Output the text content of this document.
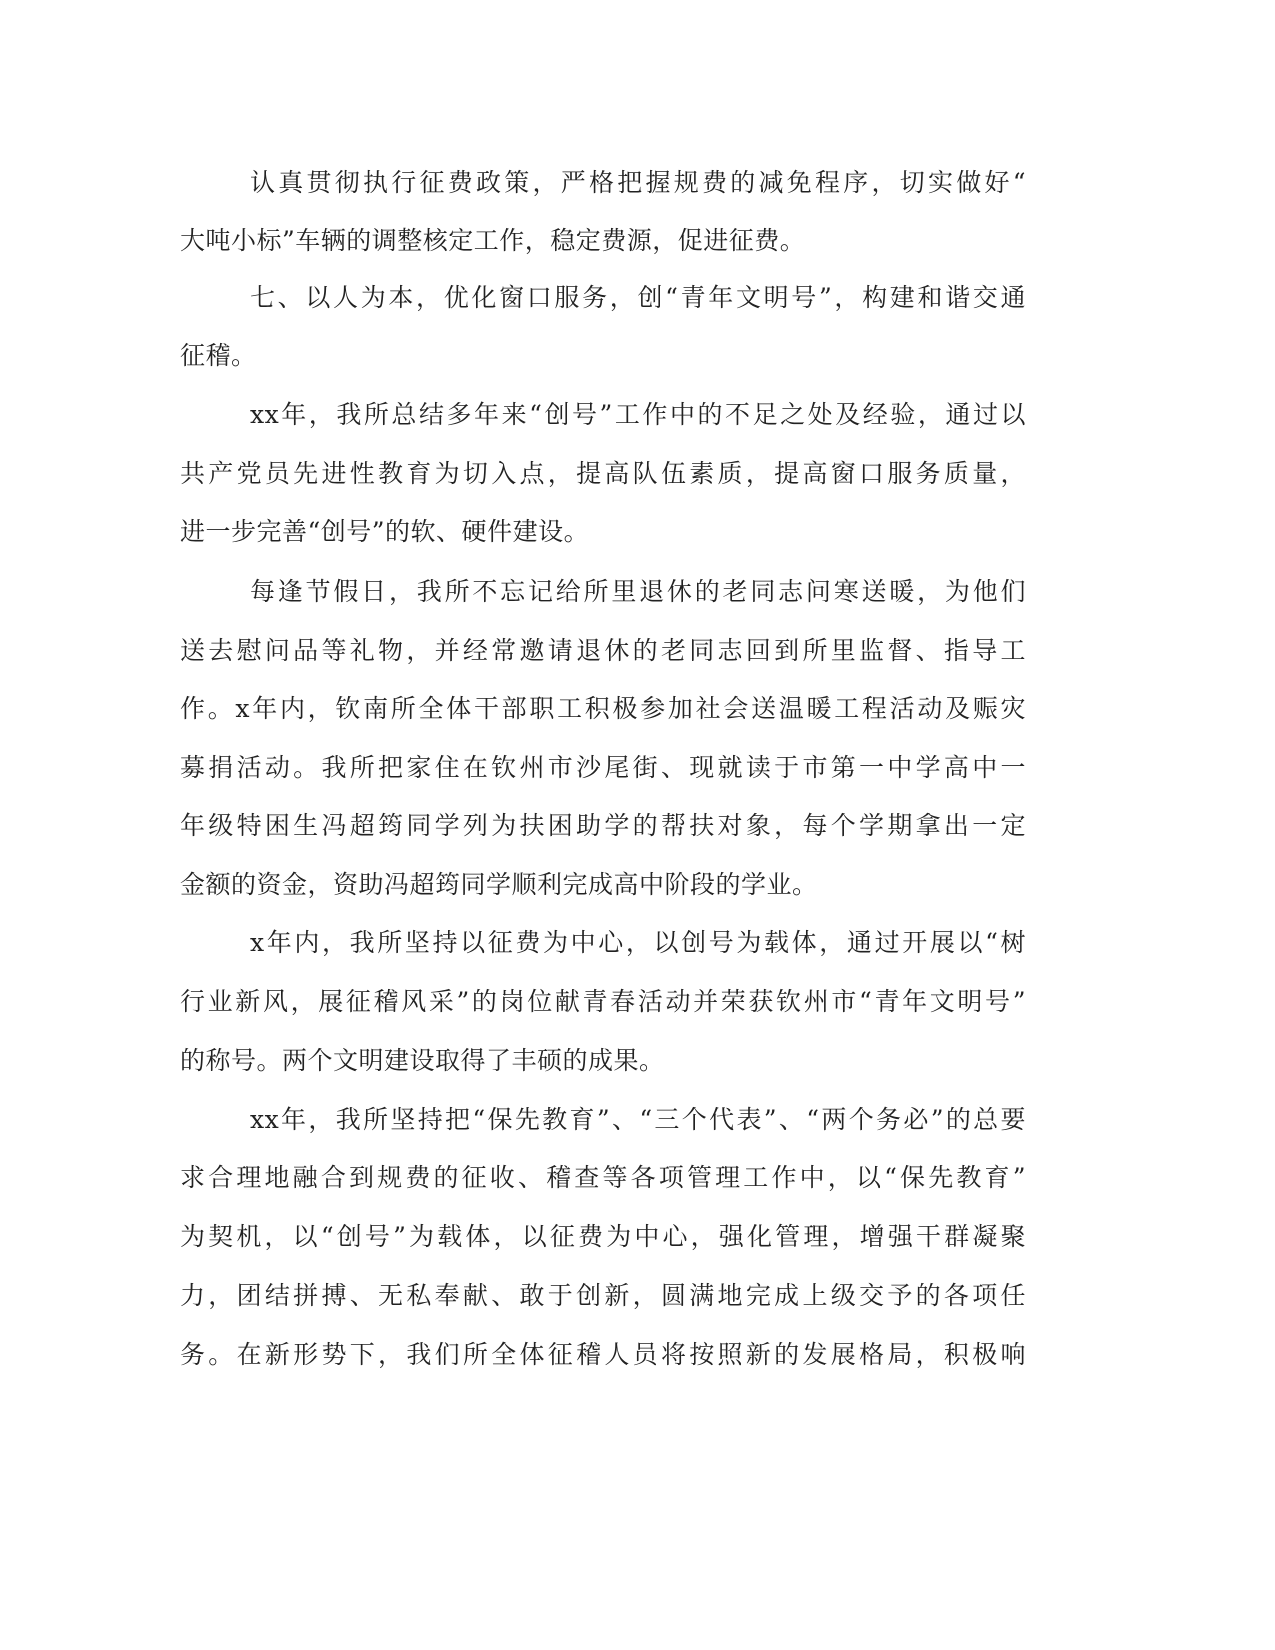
认真贯彻执行征费政策，严格把握规费的减免程序，切实做好“
大吨小标”车辆的调整核定工作，稳定费源，促进征费。
七、以人为本，优化窗口服务，创“青年文明号”，构建和谐交通
征稽。
xx年，我所总结多年来“创号”工作中的不足之处及经验，通过以
共产党员先进性教育为切入点，提高队伍素质，提高窗口服务质量，
进一步完善“创号”的软、硬件建设。
每逢节假日，我所不忘记给所里退休的老同志问寒送暖，为他们
送去慰问品等礼物，并经常邀请退休的老同志回到所里监督、指导工
作。x年内，钦南所全体干部职工积极参加社会送温暖工程活动及赈灾
募捐活动。我所把家住在钦州市沙尾街、现就读于市第一中学高中一
年级特困生冯超筠同学列为扶困助学的帮扶对象，每个学期拿出一定
金额的资金，资助冯超筠同学顺利完成高中阶段的学业。
x年内，我所坚持以征费为中心，以创号为载体，通过开展以“树
行业新风，展征稽风采”的岗位献青春活动并荣获钦州市“青年文明号”
的称号。两个文明建设取得了丰硕的成果。
xx年，我所坚持把“保先教育”、“三个代表”、“两个务必”的总要
求合理地融合到规费的征收、稽查等各项管理工作中，以“保先教育”
为契机，以“创号”为载体，以征费为中心，强化管理，增强干群凝聚
力，团结拼搏、无私奉献、敢于创新，圆满地完成上级交予的各项任
务。在新形势下，我们所全体征稽人员将按照新的发展格局，积极响
